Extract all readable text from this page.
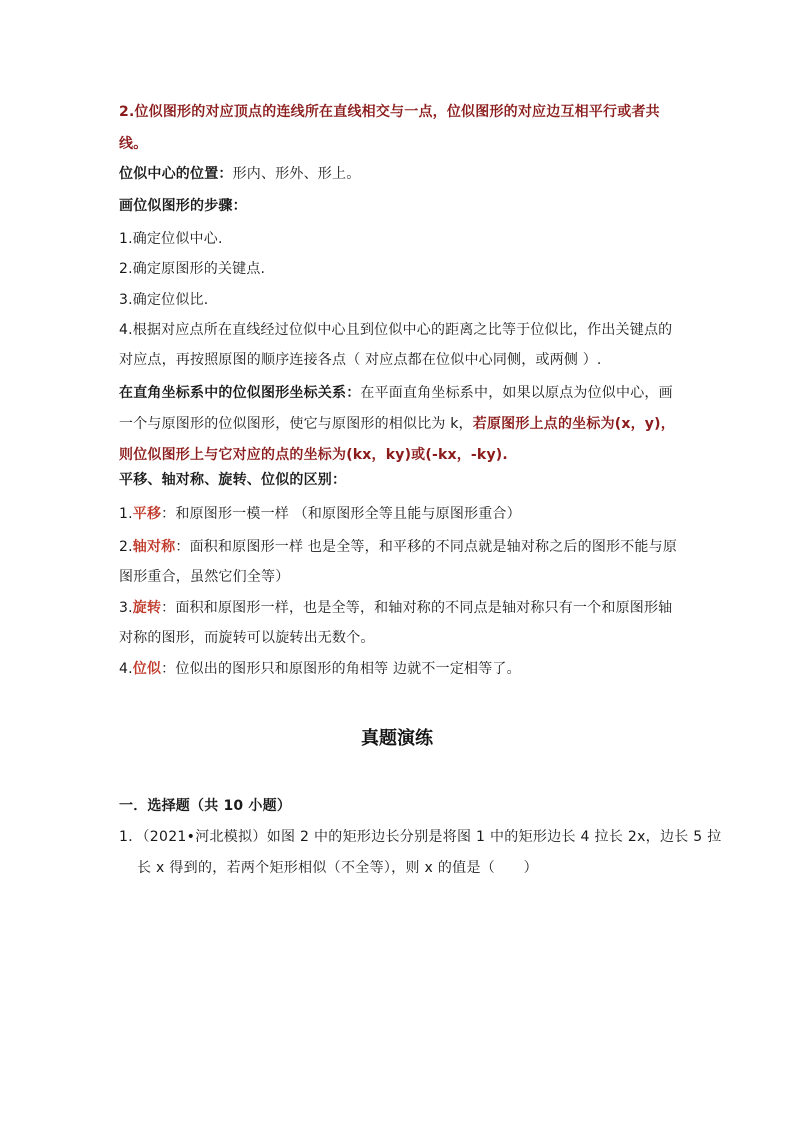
2.位似图形的对应顶点的连线所在直线相交与一点，位似图形的对应边互相平行或者共
线。
位似中心的位置：形内、形外、形上。
画位似图形的步骤：
1.确定位似中心.
2.确定原图形的关键点.
3.确定位似比.
4.根据对应点所在直线经过位似中心且到位似中心的距离之比等于位似比，作出关键点的
对应点，再按照原图的顺序连接各点（ 对应点都在位似中心同侧，或两侧 ）.
在直角坐标系中的位似图形坐标关系：在平面直角坐标系中，如果以原点为位似中心，画
一个与原图形的位似图形，使它与原图形的相似比为 k，若原图形上点的坐标为(x，y)，
则位似图形上与它对应的点的坐标为(kx，ky)或(-kx，-ky).
平移、轴对称、旋转、位似的区别：
1.平移：和原图形一模一样 （和原图形全等且能与原图形重合）
2.轴对称：面积和原图形一样 也是全等，和平移的不同点就是轴对称之后的图形不能与原
图形重合，虽然它们全等）
3.旋转：面积和原图形一样，也是全等，和轴对称的不同点是轴对称只有一个和原图形轴
对称的图形，而旋转可以旋转出无数个。
4.位似：位似出的图形只和原图形的角相等 边就不一定相等了。
真题演练
一．选择题（共 10 小题）
1．（2021•河北模拟）如图 2 中的矩形边长分别是将图 1 中的矩形边长 4 拉长 2x，边长 5 拉
长 x 得到的，若两个矩形相似（不全等），则 x 的值是（　　）
